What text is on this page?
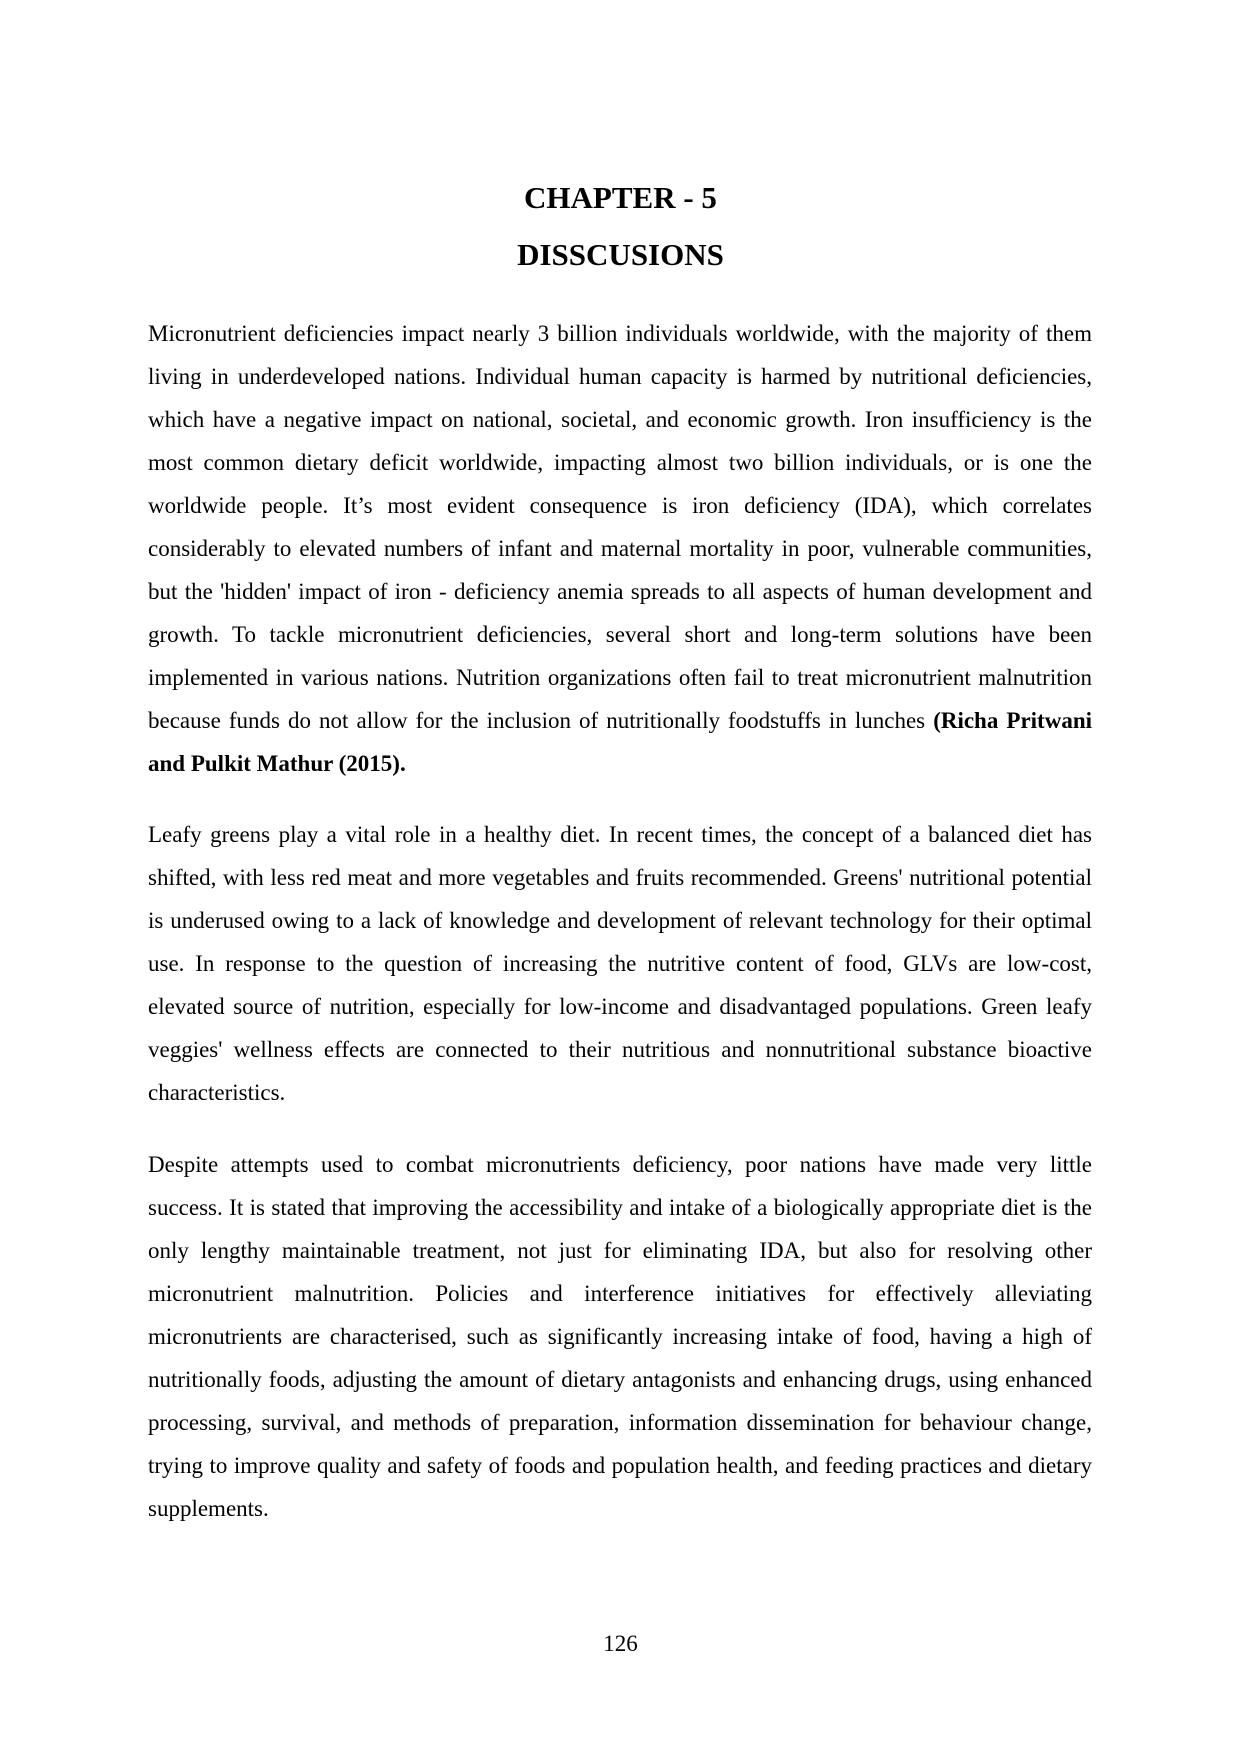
CHAPTER - 5
DISSCUSIONS

Micronutrient deficiencies impact nearly 3 billion individuals worldwide, with the majority of them living in underdeveloped nations. Individual human capacity is harmed by nutritional deficiencies, which have a negative impact on national, societal, and economic growth. Iron insufficiency is the most common dietary deficit worldwide, impacting almost two billion individuals, or is one the worldwide people. It’s most evident consequence is iron deficiency (IDA), which correlates considerably to elevated numbers of infant and maternal mortality in poor, vulnerable communities, but the 'hidden' impact of iron - deficiency anemia spreads to all aspects of human development and growth. To tackle micronutrient deficiencies, several short and long-term solutions have been implemented in various nations. Nutrition organizations often fail to treat micronutrient malnutrition because funds do not allow for the inclusion of nutritionally foodstuffs in lunches (Richa Pritwani and Pulkit Mathur (2015).

Leafy greens play a vital role in a healthy diet. In recent times, the concept of a balanced diet has shifted, with less red meat and more vegetables and fruits recommended. Greens' nutritional potential is underused owing to a lack of knowledge and development of relevant technology for their optimal use. In response to the question of increasing the nutritive content of food, GLVs are low-cost, elevated source of nutrition, especially for low-income and disadvantaged populations. Green leafy veggies' wellness effects are connected to their nutritious and nonnutritional substance bioactive characteristics.

Despite attempts used to combat micronutrients deficiency, poor nations have made very little success. It is stated that improving the accessibility and intake of a biologically appropriate diet is the only lengthy maintainable treatment, not just for eliminating IDA, but also for resolving other micronutrient malnutrition. Policies and interference initiatives for effectively alleviating micronutrients are characterised, such as significantly increasing intake of food, having a high of nutritionally foods, adjusting the amount of dietary antagonists and enhancing drugs, using enhanced processing, survival, and methods of preparation, information dissemination for behaviour change, trying to improve quality and safety of foods and population health, and feeding practices and dietary supplements.

126
